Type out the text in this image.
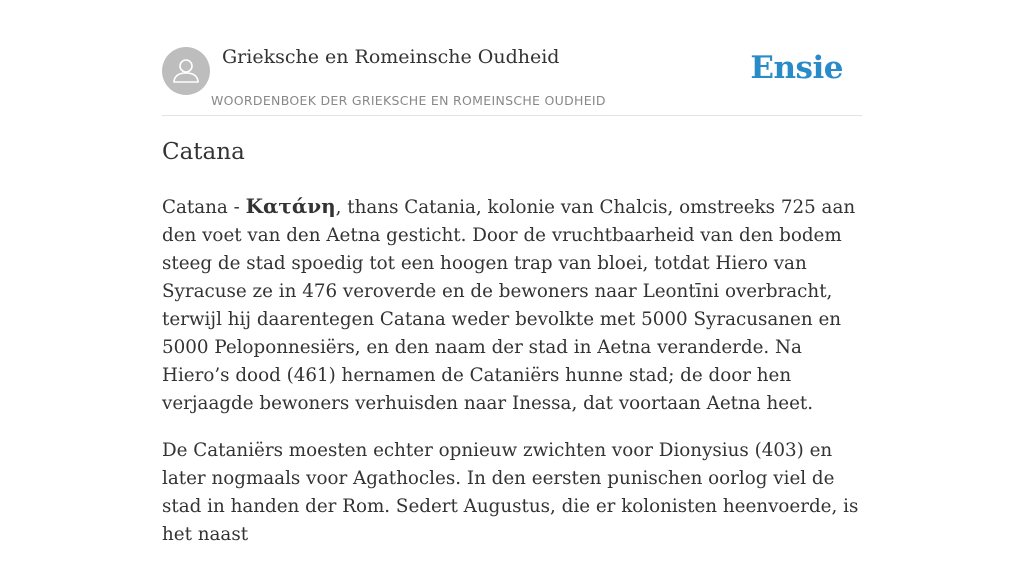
Grieksche en Romeinsche Oudheid
WOORDENBOEK DER GRIEKSCHE EN ROMEINSCHE OUDHEID
Ensie
Catana

Catana - Κατάνη, thans Catania, kolonie van Chalcis, omstreeks 725 aan den voet van den Aetna gesticht. Door de vruchtbaarheid van den bodem steeg de stad spoedig tot een hoogen trap van bloei, totdat Hiero van Syracuse ze in 476 veroverde en de bewoners naar Leontīni overbracht, terwijl hij daarentegen Catana weder bevolkte met 5000 Syracusanen en 5000 Peloponnesiërs, en den naam der stad in Aetna veranderde. Na Hiero’s dood (461) hernamen de Cataniërs hunne stad; de door hen verjaagde bewoners verhuisden naar Inessa, dat voortaan Aetna heet.

De Cataniërs moesten echter opnieuw zwichten voor Dionysius (403) en later nogmaals voor Agathocles. In den eersten punischen oorlog viel de stad in handen der Rom. Sedert Augustus, die er kolonisten heenvoerde, is het naast
